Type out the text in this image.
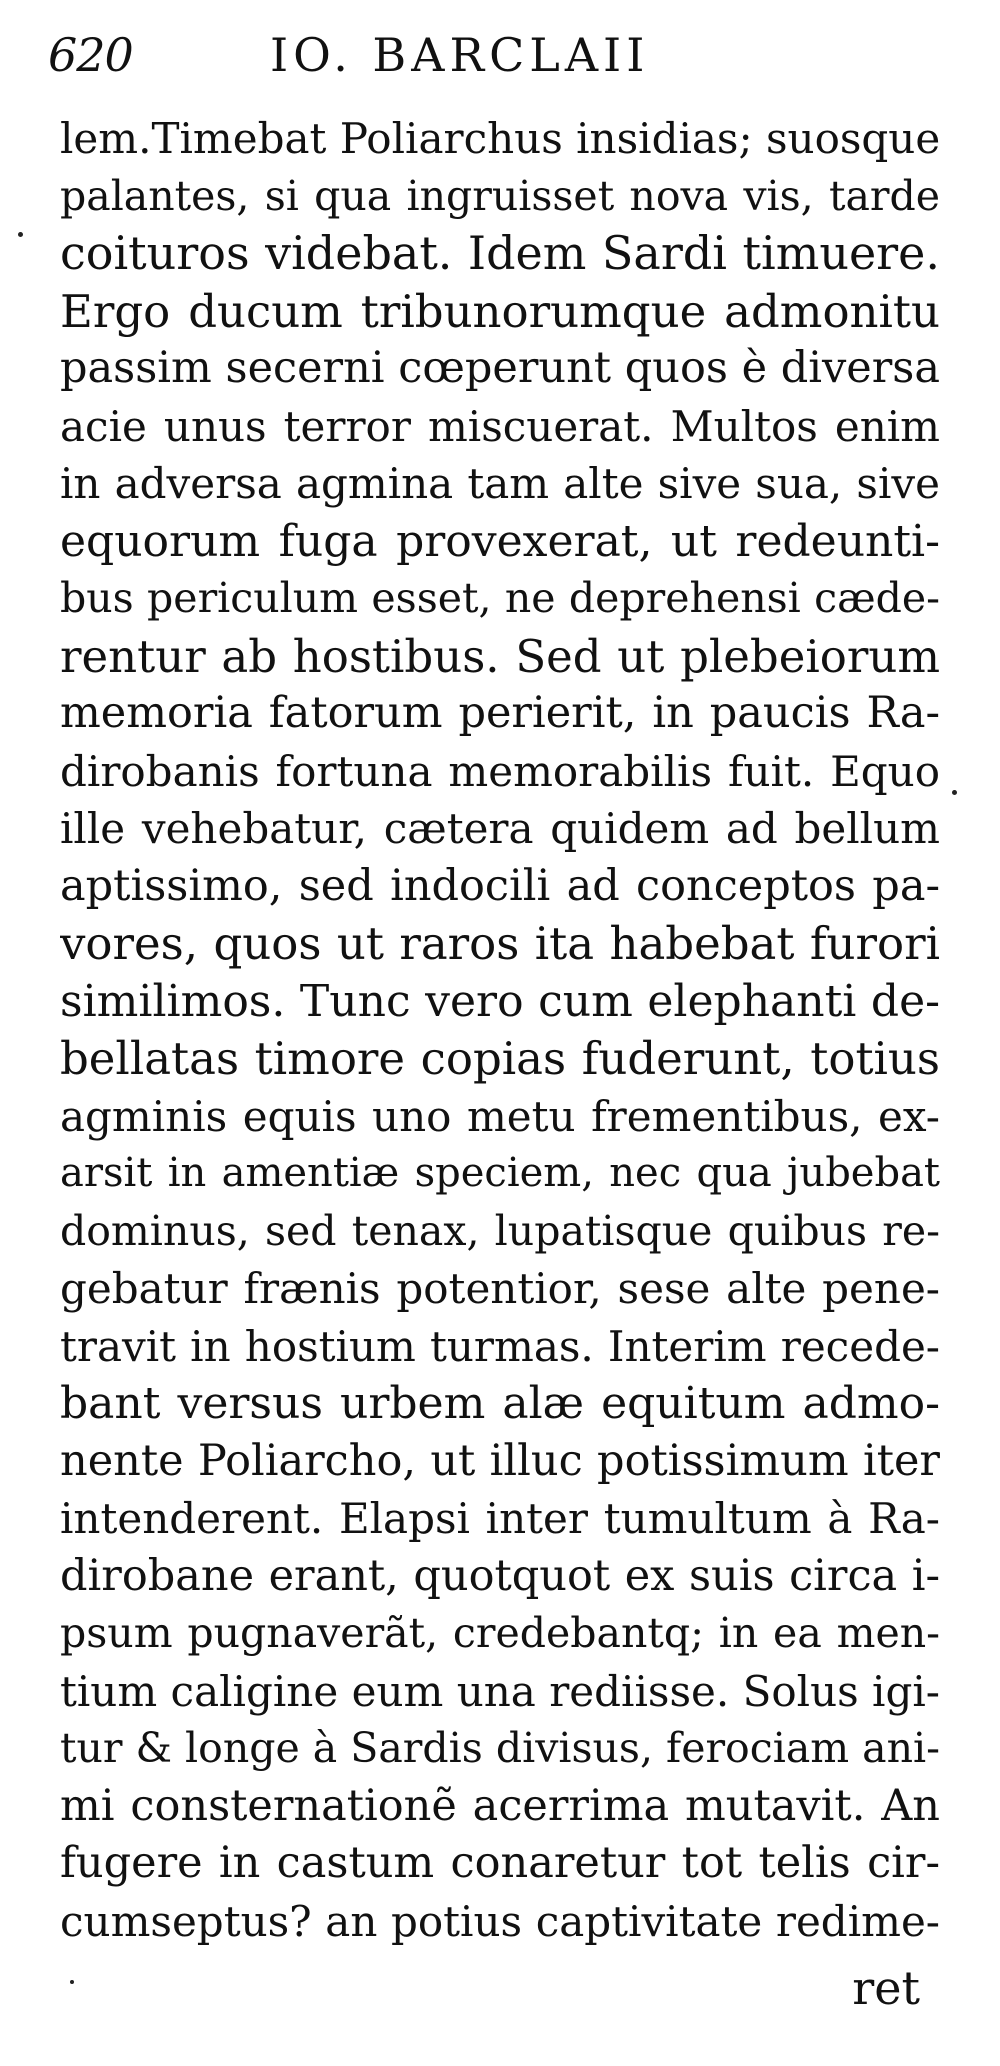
620	IO. BARCLAII
lem.Timebat Poliarchus insidias; suosque
palantes, si qua ingruisset nova vis, tarde
coituros videbat. Idem Sardi timuere.
Ergo ducum tribunorumque admonitu
passim secerni cœperunt quos è diversa
acie unus terror miscuerat. Multos enim
in adversa agmina tam alte sive sua, sive
equorum fuga provexerat, ut redeunti-
bus periculum esset, ne deprehensi cæde-
rentur ab hostibus. Sed ut plebeiorum
memoria fatorum perierit, in paucis Ra-
dirobanis fortuna memorabilis fuit. Equo
ille vehebatur, cætera quidem ad bellum
aptissimo, sed indocili ad conceptos pa-
vores, quos ut raros ita habebat furori
similimos. Tunc vero cum elephanti de-
bellatas timore copias fuderunt, totius
agminis equis uno metu frementibus, ex-
arsit in amentiæ speciem, nec qua jubebat
dominus, sed tenax, lupatisque quibus re-
gebatur frænis potentior, sese alte pene-
travit in hostium turmas. Interim recede-
bant versus urbem alæ equitum admo-
nente Poliarcho, ut illuc potissimum iter
intenderent. Elapsi inter tumultum à Ra-
dirobane erant, quotquot ex suis circa i-
psum pugnaverãt, credebantq; in ea men-
tium caligine eum una rediisse. Solus igi-
tur & longe à Sardis divisus, ferociam ani-
mi consternationẽ acerrima mutavit. An
fugere in castum conaretur tot telis cir-
cumseptus? an potius captivitate redime-
ret
